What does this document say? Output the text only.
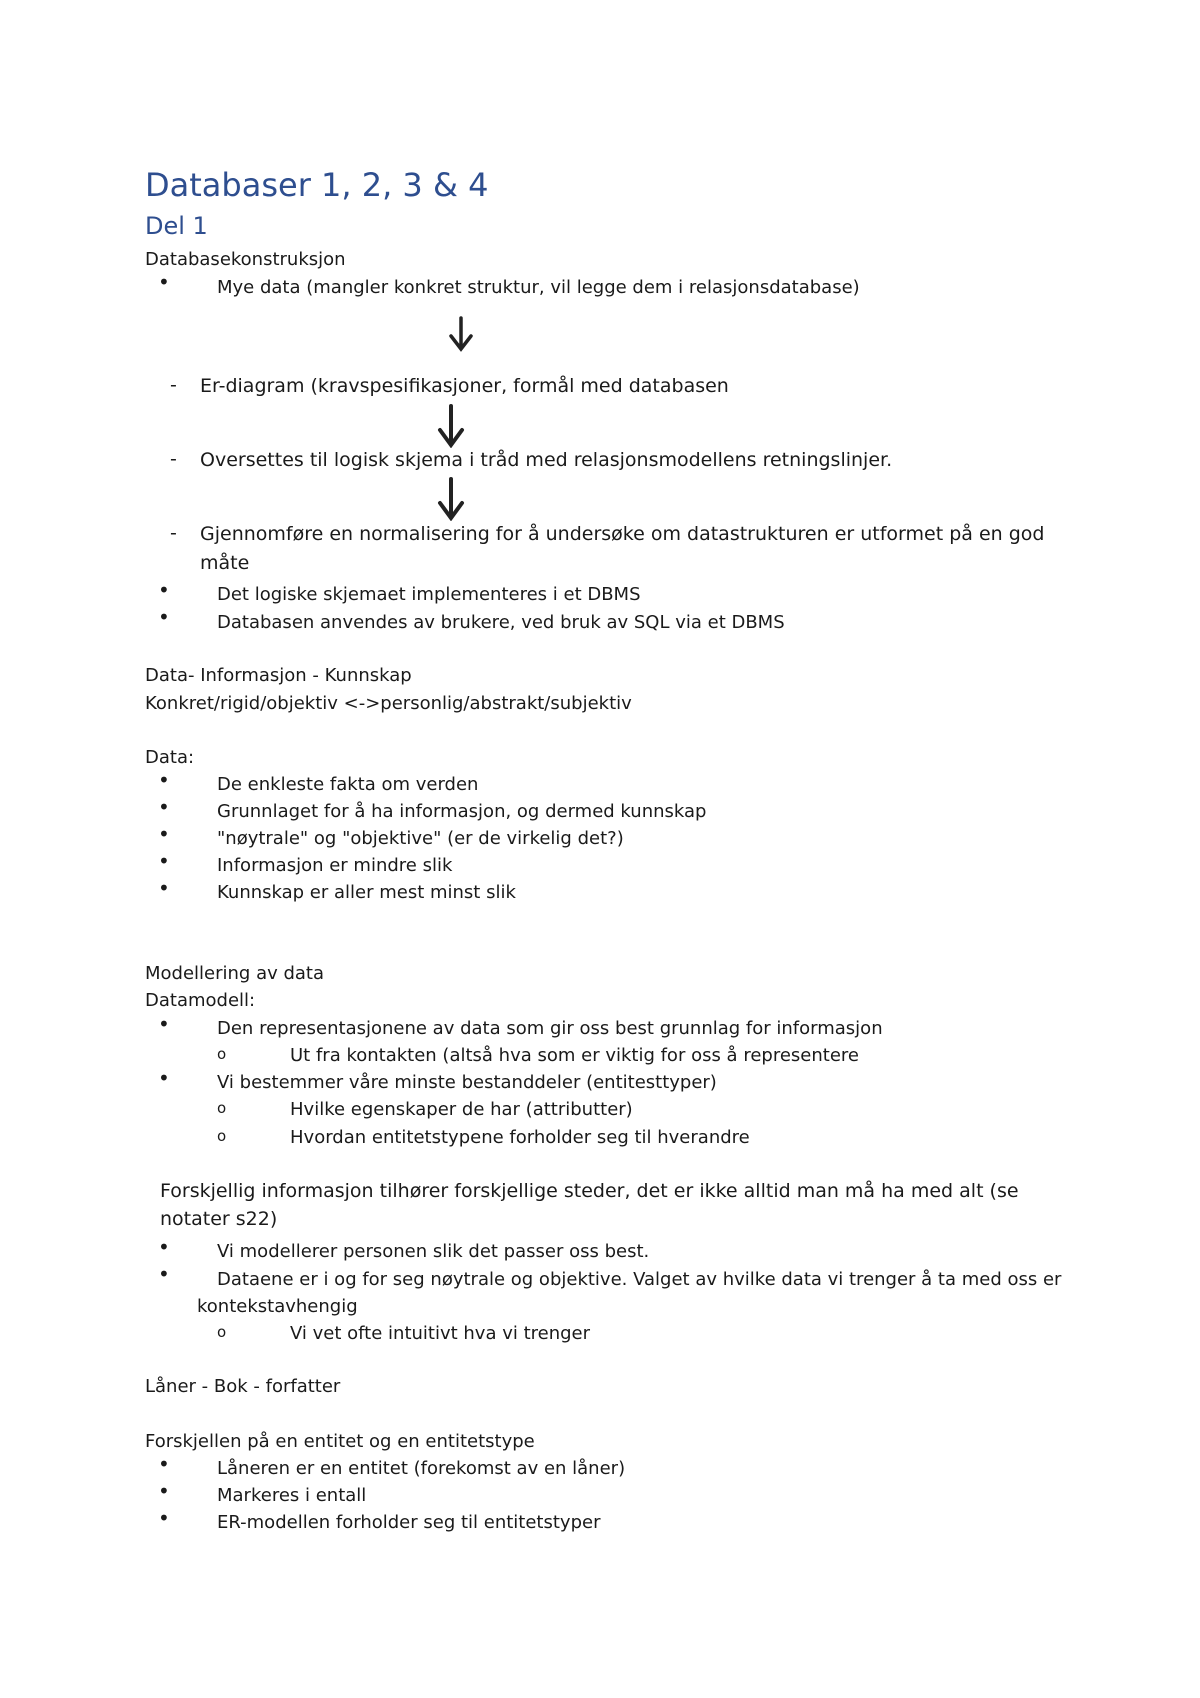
Databaser 1, 2, 3 & 4
Del 1
Databasekonstruksjon
•	Mye data (mangler konkret struktur, vil legge dem i relasjonsdatabase)
- Er-diagram (kravspesifikasjoner, formål med databasen
- Oversettes til logisk skjema i tråd med relasjonsmodellens retningslinjer.
- Gjennomføre en normalisering for å undersøke om datastrukturen er utformet på en god
måte
•	Det logiske skjemaet implementeres i et DBMS
•	Databasen anvendes av brukere, ved bruk av SQL via et DBMS
Data- Informasjon - Kunnskap
Konkret/rigid/objektiv <->personlig/abstrakt/subjektiv
Data:
•	De enkleste fakta om verden
•	Grunnlaget for å ha informasjon, og dermed kunnskap
•	"nøytrale" og "objektive" (er de virkelig det?)
•	Informasjon er mindre slik
•	Kunnskap er aller mest minst slik
Modellering av data
Datamodell:
•	Den representasjonene av data som gir oss best grunnlag for informasjon
o	Ut fra kontakten (altså hva som er viktig for oss å representere
•	Vi bestemmer våre minste bestanddeler (entitesttyper)
o	Hvilke egenskaper de har (attributter)
o	Hvordan entitetstypene forholder seg til hverandre
Forskjellig informasjon tilhører forskjellige steder, det er ikke alltid man må ha med alt (se
notater s22)
•	Vi modellerer personen slik det passer oss best.
•	Dataene er i og for seg nøytrale og objektive. Valget av hvilke data vi trenger å ta med oss er
kontekstavhengig
o	Vi vet ofte intuitivt hva vi trenger
Låner - Bok - forfatter
Forskjellen på en entitet og en entitetstype
•	Låneren er en entitet (forekomst av en låner)
•	Markeres i entall
•	ER-modellen forholder seg til entitetstyper
